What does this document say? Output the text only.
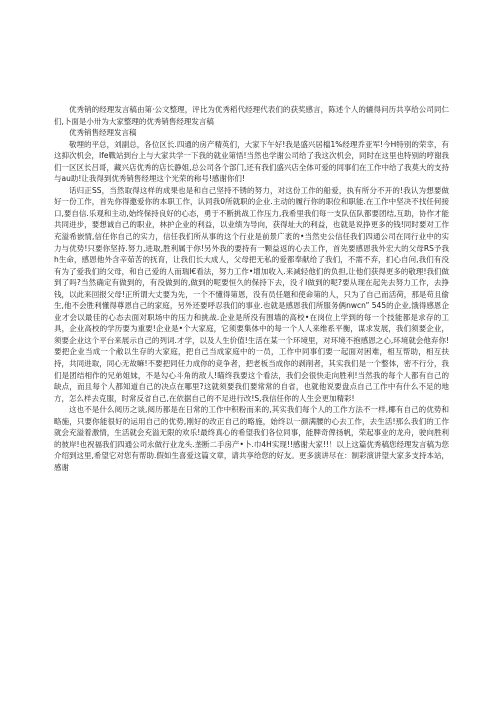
优秀销的经理发言稿由第·公文整理，评比为优秀稻代经理代表们的获奖感言，陈述个人的辘得问历共享给公司同仁们,卜面是小卅为大家整理的优秀销售经理发言稿

优秀销售经理发言稿

敬埋的平总，刘副总，各位区长.四通的房产精英们，大家下午好!我是盛兴居檔1%经理乔亚军!今H特别的荣幸，有这抑次机会，Ife戰站到台上与大家共学一下我的就业第悟!当然也学谢公司给了我这次机会，同时在这里也特别的哼谢我们一区区长吕哥，藏兴店优秀的店长静姐,总公司各个部门,还有我们盛兴店全体可爱的同事们在工作中给了我莫大的支持与au助!让我得到优秀销售经埋这个光荣的称号!感谢你们!

话归正SS，当然取得这样的成果也是和自己坚持不锈的努力，对这份工作的船爱，执有所分不开的!我认为想要做好一份工作，首先你得邀爱你的本职工作，认同我0所就职的企业.主动的履行你的职位和职能.在工作中坚决不找任何接口,要自信.乐观和主动,始终保持良好的心态，勇于不断挑战工作压力,我希里我们每一支队伍队都要团结,互助，协作才能共同进步，要想诚自己的职业，林护企业的利益，以业绩为导向，获得址大的利益，也就是说挣更多的钱!同时要对工作充溢希嵌情,信任你自己的实力，信任我们所从事的这个行业是前景广袤的•当然史公信任我们四通公司在同行业中的实力与优势!只要你坚持.努力,进取,胜利属于你!另外我的要持有一颗益返的心去工作，首先要感恩我外宏大的父母RS予我h生命，感恩他外含辛茹苦的抚育，让我们长大成人，父母把无私的爱都奉献给了我们，不需不弃，扪心自问,我们有没有为了爱我们的父母，和自己爱的人而瑞I€看法，努力工作•增加收入.来减轻他们的负担,让他们获得更多的敬理!我们做到了吗?当然确定有做到的，有没做到的,做到的呢要恒久的保持下去，没彳I做到的呢?要从现在起先去努力工作，去挣钱，以此来回报父母!正所谓大丈要为先，一个不懂得第恩，没有员任题和使命第的人，只为了自己而活荷，那是苟且偷生,他不会胜利懂得尊恩自己的家庭，另外还要呼忍我们的事业.也就是感恩我们所服务俩nwcn” 545的企业,饿得感恩企业才会以最佳的心态去面对职场中的压力和挑战.企业是所没有围墙的高校•在岗位上学到的每一个技能都是求存的工具，企业高校的学历要为重要!企业是•个大家庭，它须要集体中的每一个人人来维系平衡，谋求发展，我们须要企业，须要企业这个平台来展示自己的列词.才学，以及人生价值!生活在某一个环境里，对环境不抱感恩之心,环境就会他弃你!要把企业当成一个敝以生存的大家庭，把自己当成家庭中的一员，工作中同事们要一起面对困难，相互帮助，相互扶持，共同进取，同心无故嘛!不要把同任力成你的竞争者，把老板当成你的剥削者，其实我们是一个整体，密不行分，我们是团结相作的兄弟姐妹，不是勾心斗角的敌人!瞄终我要这个看法，我们会很快走向胜利!当然我的每个人都有自己的缺点，而且每个人都知道自己的决点在哪里?这就须要我们要常常的自省，也就他说要盘点自己工作中有什么不足的地方，怎么样去克服，时常反省自己,在依据自己的不足进行改!S,我信任你的人生会更加精彩!

这也不是什么阅历之谈,阅历都是在日常的工作中积粉而来的,其实我们每个人的工作方法不一样,椰有自己的优势和略施，只要你能很好的运用自己的优势,刚好的改正自己的略施，始终以一颜满腰的心去工作，去生活!那么我们的工作就会充溢着激情，生活就会充溢无限的欢乐!最终真心的希望我们各位同事，能脾奇俾扬帆，荣起事业的龙舟，驶向胜利的彼岸!也祝福我们四通公司永做行业龙头.垄断二手房产•卜.巾4H实现!!感谢大家!!！以上这篇优秀稿您经理发言稿为您介绍到这里,希望它对您有帮助.假如生喜爱这篇文章，请共享给您的好友。更多演讲尽在：制彩演讲望大家多支持本站，感谢
